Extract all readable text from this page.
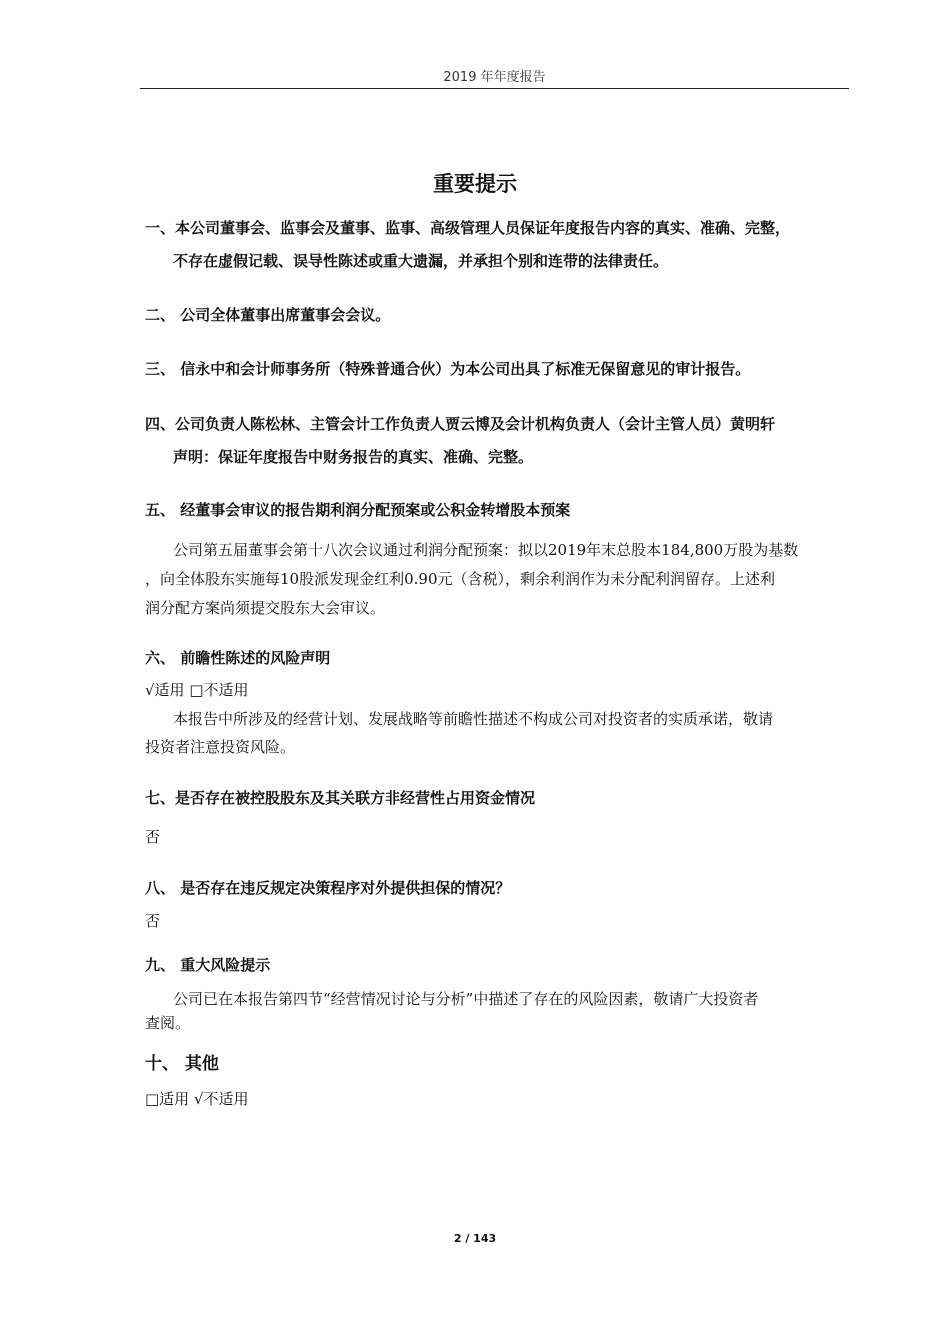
2019 年年度报告
重要提示
一、本公司董事会、监事会及董事、监事、高级管理人员保证年度报告内容的真实、准确、完整，
不存在虚假记载、误导性陈述或重大遗漏，并承担个别和连带的法律责任。
二、 公司全体董事出席董事会会议。
三、 信永中和会计师事务所（特殊普通合伙）为本公司出具了标准无保留意见的审计报告。
四、公司负责人陈松林、主管会计工作负责人贾云博及会计机构负责人（会计主管人员）黄明轩
声明：保证年度报告中财务报告的真实、准确、完整。
五、 经董事会审议的报告期利润分配预案或公积金转增股本预案
公司第五届董事会第十八次会议通过利润分配预案：拟以2019年末总股本184,800万股为基数
，向全体股东实施每10股派发现金红利0.90元（含税），剩余利润作为未分配利润留存。上述利
润分配方案尚须提交股东大会审议。
六、 前瞻性陈述的风险声明
√适用 □不适用
本报告中所涉及的经营计划、发展战略等前瞻性描述不构成公司对投资者的实质承诺，敬请
投资者注意投资风险。
七、是否存在被控股股东及其关联方非经营性占用资金情况
否
八、 是否存在违反规定决策程序对外提供担保的情况？
否
九、 重大风险提示
公司已在本报告第四节“经营情况讨论与分析”中描述了存在的风险因素，敬请广大投资者
查阅。
十、 其他
□适用 √不适用
2 / 143
